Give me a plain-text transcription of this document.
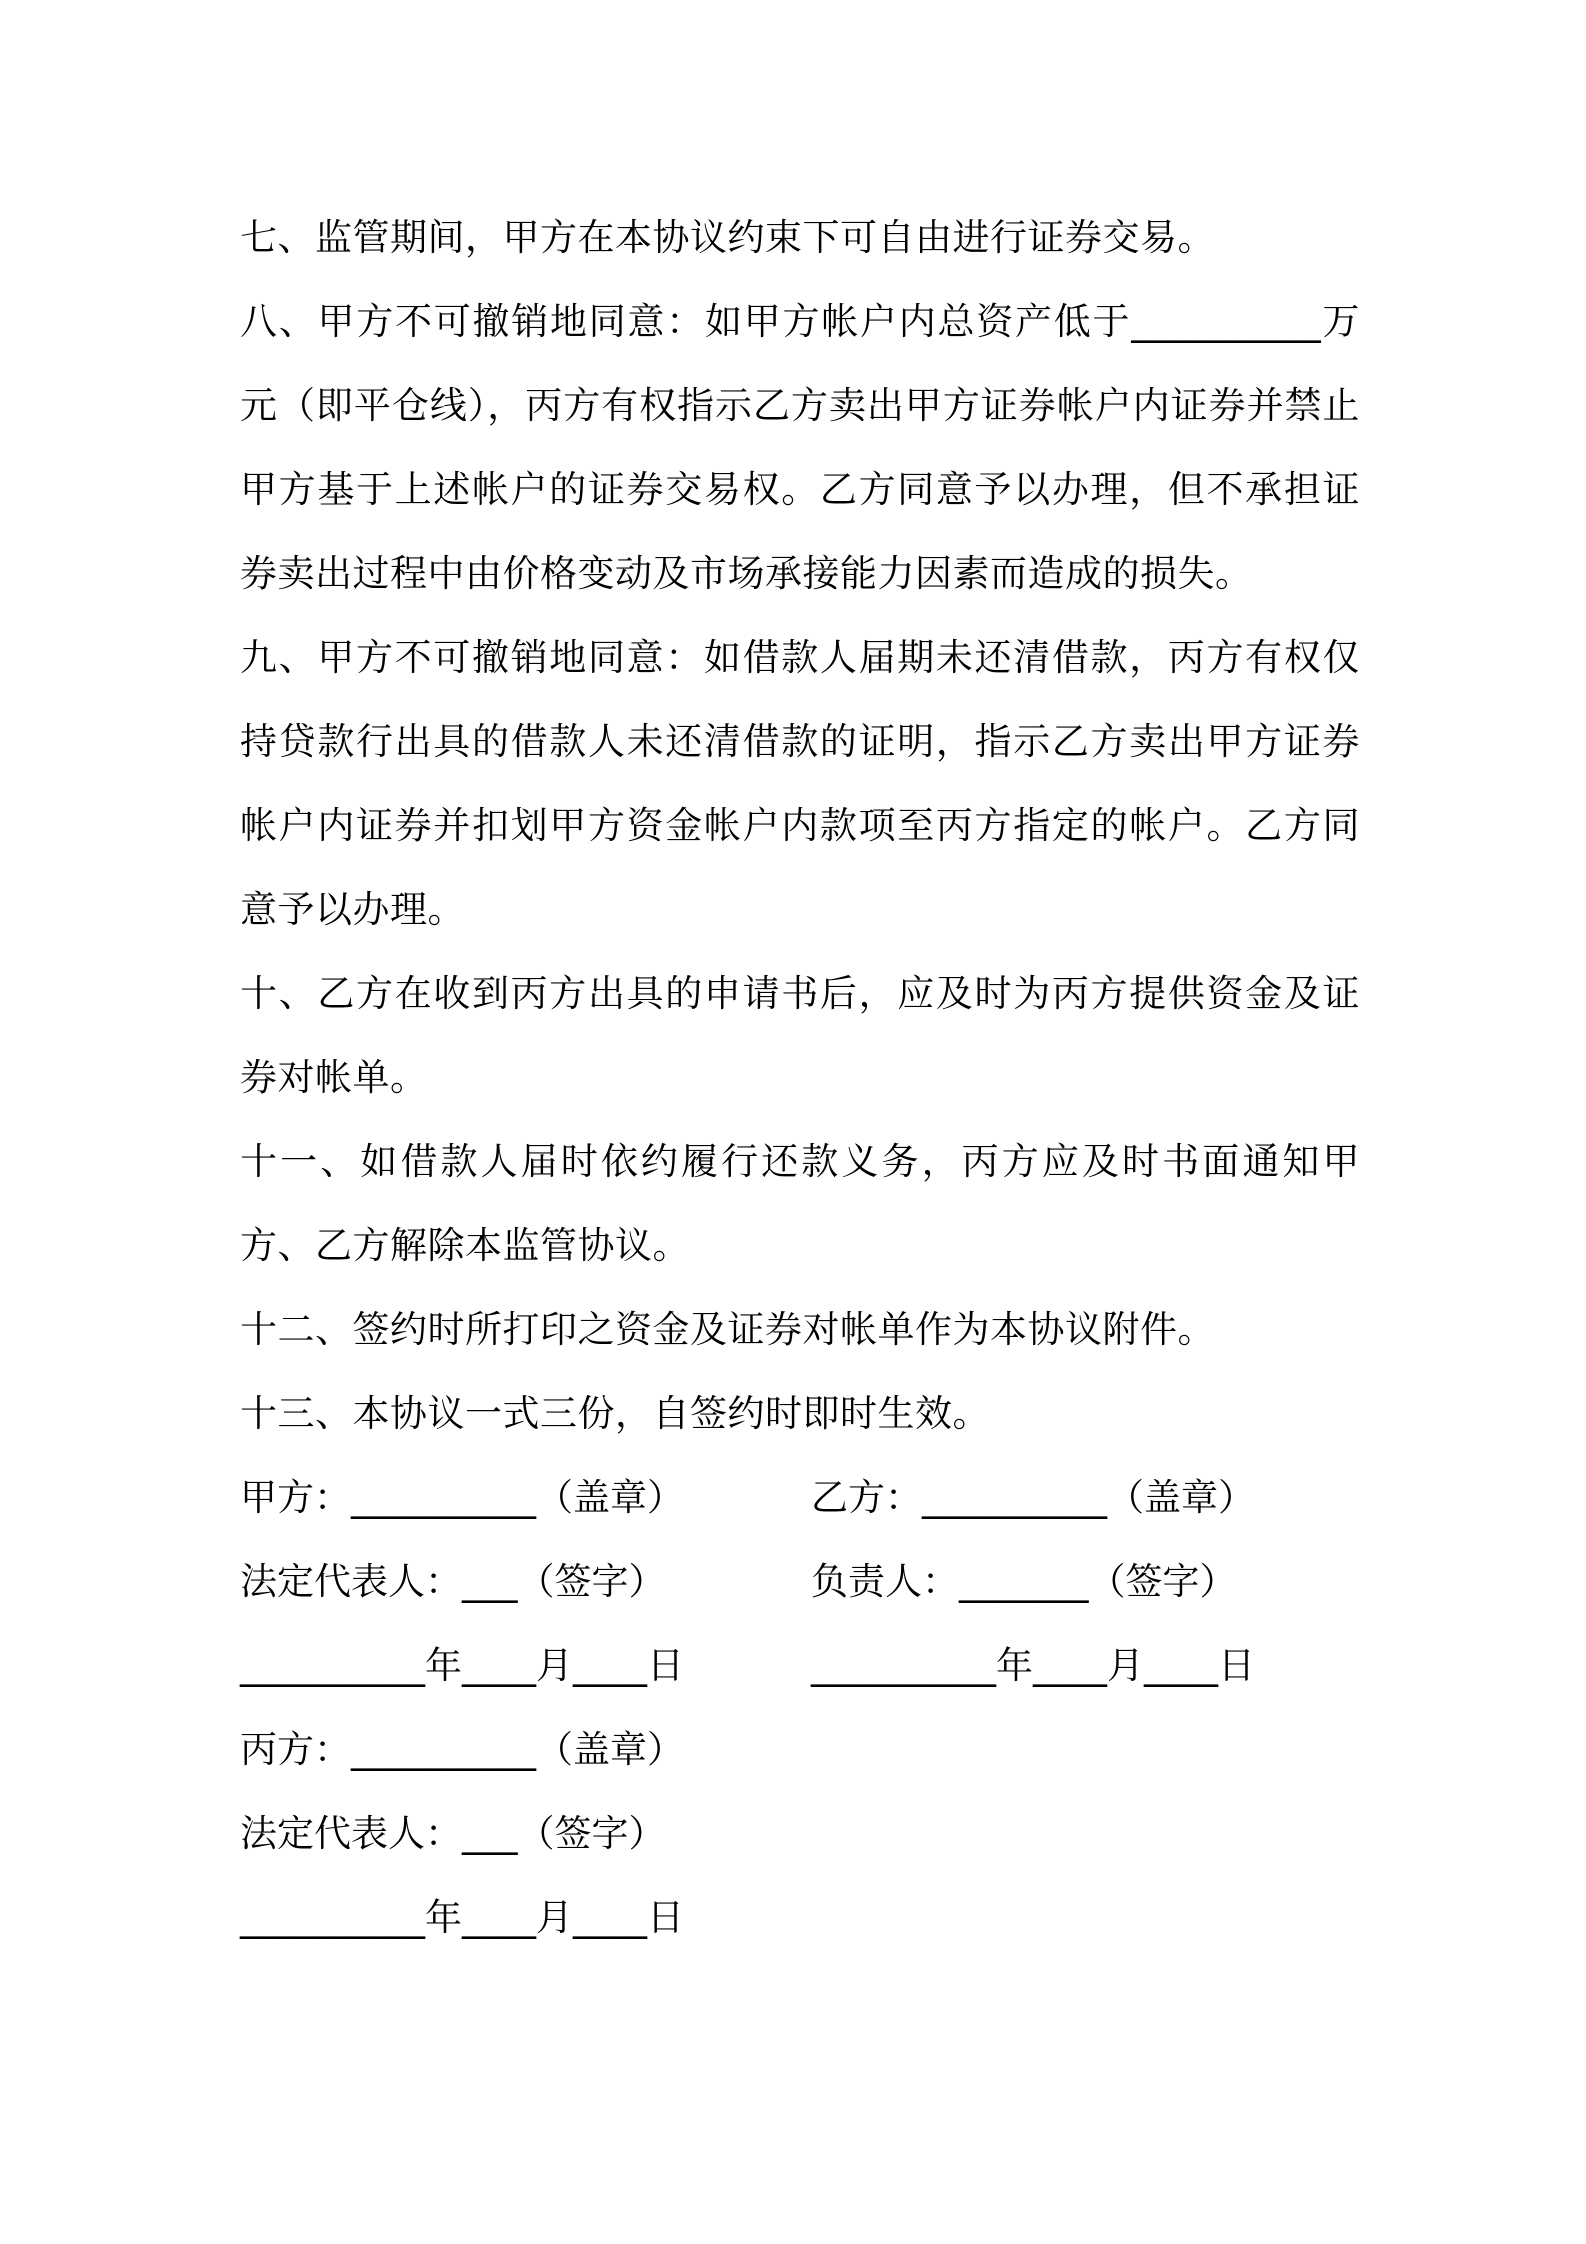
七、监管期间，甲方在本协议约束下可自由进行证券交易。

八、甲方不可撤销地同意：如甲方帐户内总资产低于__________万元（即平仓线），丙方有权指示乙方卖出甲方证券帐户内证券并禁止甲方基于上述帐户的证券交易权。乙方同意予以办理，但不承担证券卖出过程中由价格变动及市场承接能力因素而造成的损失。

九、甲方不可撤销地同意：如借款人届期未还清借款，丙方有权仅持贷款行出具的借款人未还清借款的证明，指示乙方卖出甲方证券帐户内证券并扣划甲方资金帐户内款项至丙方指定的帐户。乙方同意予以办理。

十、乙方在收到丙方出具的申请书后，应及时为丙方提供资金及证券对帐单。

十一、如借款人届时依约履行还款义务，丙方应及时书面通知甲方、乙方解除本监管协议。

十二、签约时所打印之资金及证券对帐单作为本协议附件。

十三、本协议一式三份，自签约时即时生效。

甲方：__________（盖章）	乙方：__________（盖章）
法定代表人：___（签字）	负责人：_______（签字）
__________年____月____日	__________年____月____日
丙方：__________（盖章）
法定代表人：___（签字）
__________年____月____日
